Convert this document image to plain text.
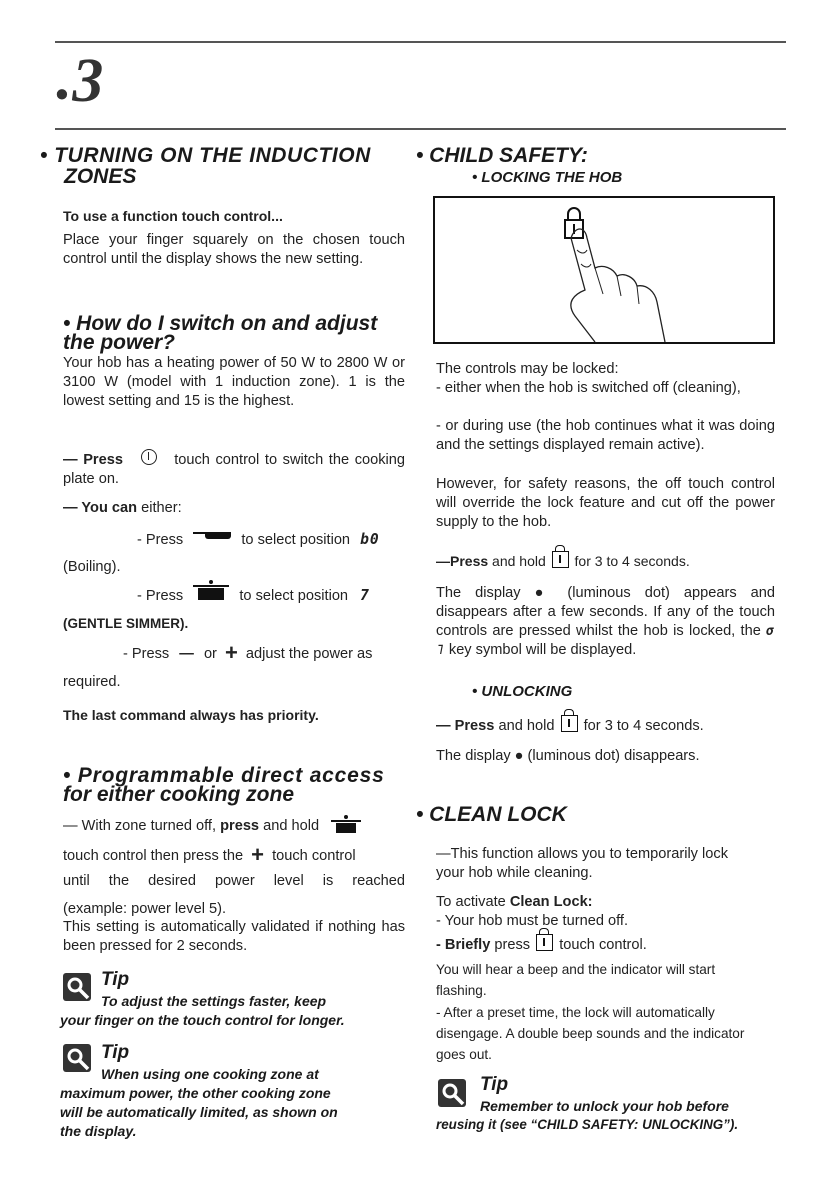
•3
• TURNING ON THE INDUCTION
ZONES
To use a function touch control...
Place your finger squarely on the chosen touch control until the display shows the new setting.
• How do I switch on and adjust
the power?
Your hob has a heating power of 50 W to 2800 W or 3100 W (model with 1 induction zone). 1 is the lowest setting and 15 is the highest.
— Press	touch control to switch the cooking plate on.
— You can either:
- Press	to select position b0
(Boiling).
- Press	to select position 7
(GENTLE SIMMER).
- Press — or + adjust the power as
required.
The last command always has priority.
• Programmable direct access
for either cooking zone
— With zone turned off, press and hold
touch control then press the + touch control
until the desired power level is reached
(example: power level 5).
This setting is automatically validated if nothing has been pressed for 2 seconds.
Tip
To adjust the settings faster, keep
your finger on the touch control for longer.
Tip
When using one cooking zone at
maximum power, the other cooking zone
will be automatically limited, as shown on
the display.
• CHILD SAFETY:
• LOCKING THE HOB
The controls may be locked:
- either when the hob is switched off (cleaning),
- or during use (the hob continues what it was doing and the settings displayed remain active).
However, for safety reasons, the off touch control will override the lock feature and cut off the power supply to the hob.
—Press and hold for 3 to 4 seconds.
The display ● (luminous dot) appears and disappears after a few seconds. If any of the touch controls are pressed whilst the hob is locked, the σ ˥ key symbol will be displayed.
• UNLOCKING
— Press and hold for 3 to 4 seconds.
The display ● (luminous dot) disappears.
• CLEAN LOCK
—This function allows you to temporarily lock your hob while cleaning.
To activate Clean Lock:
- Your hob must be turned off.
- Briefly press touch control.
You will hear a beep and the indicator will start flashing.
- After a preset time, the lock will automatically disengage. A double beep sounds and the indicator goes out.
Tip
Remember to unlock your hob before
reusing it (see “CHILD SAFETY: UNLOCKING”).
